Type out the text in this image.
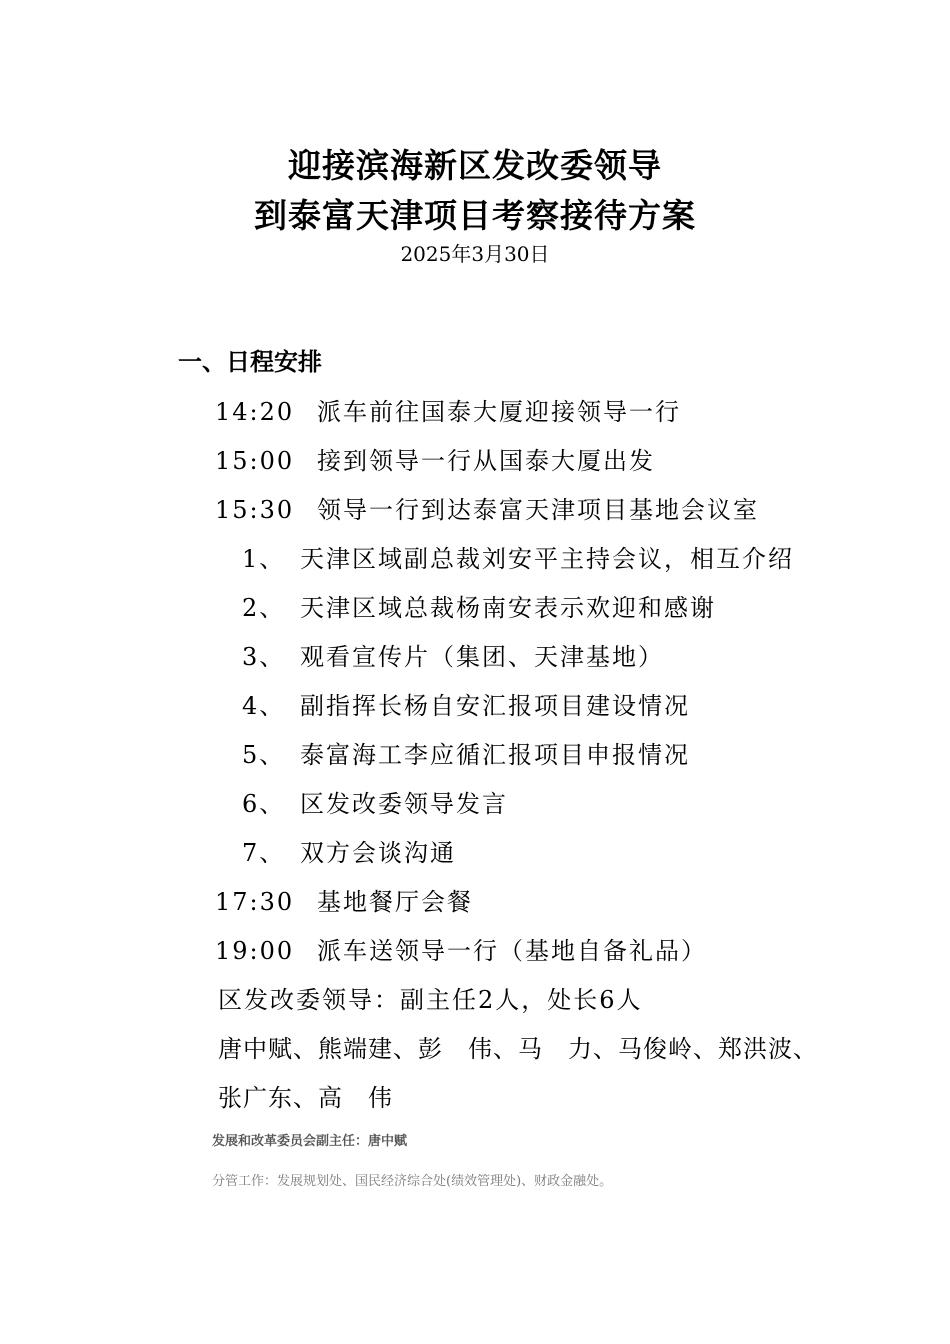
迎接滨海新区发改委领导
到泰富天津项目考察接待方案
2025年3月30日
一、日程安排
14:20 派车前往国泰大厦迎接领导一行
15:00 接到领导一行从国泰大厦出发
15:30 领导一行到达泰富天津项目基地会议室
1、 天津区域副总裁刘安平主持会议，相互介绍
2、 天津区域总裁杨南安表示欢迎和感谢
3、 观看宣传片（集团、天津基地）
4、 副指挥长杨自安汇报项目建设情况
5、 泰富海工李应循汇报项目申报情况
6、 区发改委领导发言
7、 双方会谈沟通
17:30 基地餐厅会餐
19:00 派车送领导一行（基地自备礼品）
区发改委领导：副主任2人，处长6人
唐中赋、熊端建、彭　伟、马　力、马俊岭、郑洪波、
张广东、高　伟
发展和改革委员会副主任：唐中赋
分管工作：发展规划处、国民经济综合处(绩效管理处)、财政金融处。
